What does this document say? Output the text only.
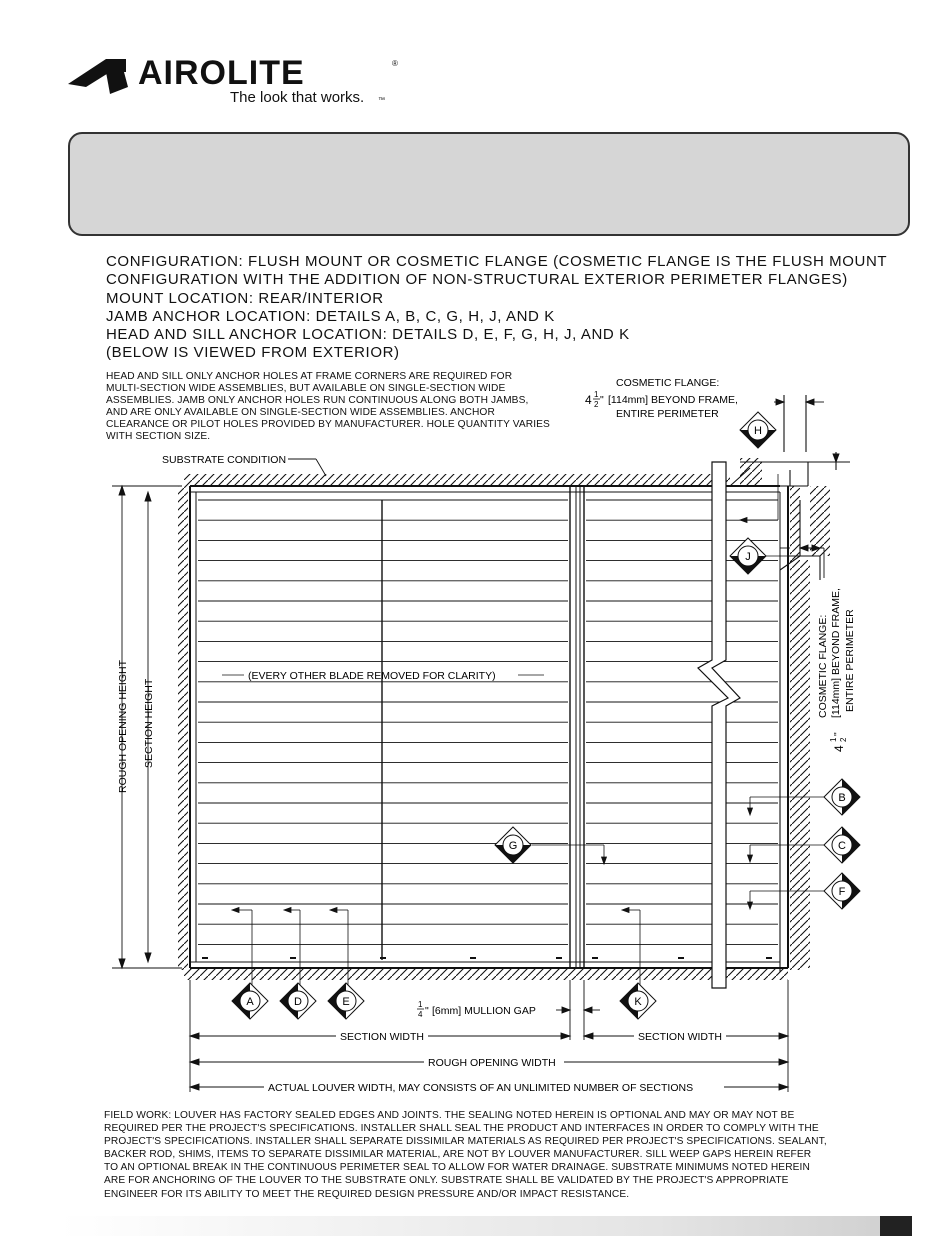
AIROLITE	®
The look that works. ™
CONFIGURATION: FLUSH MOUNT OR COSMETIC FLANGE (COSMETIC FLANGE IS THE FLUSH MOUNT
CONFIGURATION WITH THE ADDITION OF NON-STRUCTURAL EXTERIOR PERIMETER FLANGES)
MOUNT LOCATION: REAR/INTERIOR
JAMB ANCHOR LOCATION: DETAILS A, B, C, G, H, J, AND K
HEAD AND SILL ANCHOR LOCATION: DETAILS D, E, F, G, H, J, AND K
(BELOW IS VIEWED FROM EXTERIOR)
HEAD AND SILL ONLY ANCHOR HOLES AT FRAME CORNERS ARE REQUIRED FOR
MULTI-SECTION WIDE ASSEMBLIES, BUT AVAILABLE ON SINGLE-SECTION WIDE
ASSEMBLIES. JAMB ONLY ANCHOR HOLES RUN CONTINUOUS ALONG BOTH JAMBS,
AND ARE ONLY AVAILABLE ON SINGLE-SECTION WIDE ASSEMBLIES. ANCHOR
CLEARANCE OR PILOT HOLES PROVIDED BY MANUFACTURER. HOLE QUANTITY VARIES
WITH SECTION SIZE.
A
B
C
D	E
F
G
H
J
K
SUBSTRATE CONDITION
COSMETIC FLANGE:
4 1
2 " [114mm] BEYOND FRAME,
ENTIRE PERIMETER
COSMETIC FLANGE: [114mm] BEYOND FRAME, ENTIRE PERIMETER
4
1 2
"
(EVERY OTHER BLADE REMOVED FOR CLARITY)
ROUGH OPENING HEIGHT SECTION HEIGHT
1
4 " [6mm] MULLION GAP
SECTION WIDTH	SECTION WIDTH
ROUGH OPENING WIDTH
ACTUAL LOUVER WIDTH, MAY CONSISTS OF AN UNLIMITED NUMBER OF SECTIONS
FIELD WORK: LOUVER HAS FACTORY SEALED EDGES AND JOINTS. THE SEALING NOTED HEREIN IS OPTIONAL AND MAY OR MAY NOT BE
REQUIRED PER THE PROJECT'S SPECIFICATIONS. INSTALLER SHALL SEAL THE PRODUCT AND INTERFACES IN ORDER TO COMPLY WITH THE
PROJECT'S SPECIFICATIONS. INSTALLER SHALL SEPARATE DISSIMILAR MATERIALS AS REQUIRED PER PROJECT'S SPECIFICATIONS. SEALANT,
BACKER ROD, SHIMS, ITEMS TO SEPARATE DISSIMILAR MATERIAL, ARE NOT BY LOUVER MANUFACTURER. SILL WEEP GAPS HEREIN REFER
TO AN OPTIONAL BREAK IN THE CONTINUOUS PERIMETER SEAL TO ALLOW FOR WATER DRAINAGE. SUBSTRATE MINIMUMS NOTED HEREIN
ARE FOR ANCHORING OF THE LOUVER TO THE SUBSTRATE ONLY. SUBSTRATE SHALL BE VALIDATED BY THE PROJECT'S APPROPRIATE
ENGINEER FOR ITS ABILITY TO MEET THE REQUIRED DESIGN PRESSURE AND/OR IMPACT RESISTANCE.
